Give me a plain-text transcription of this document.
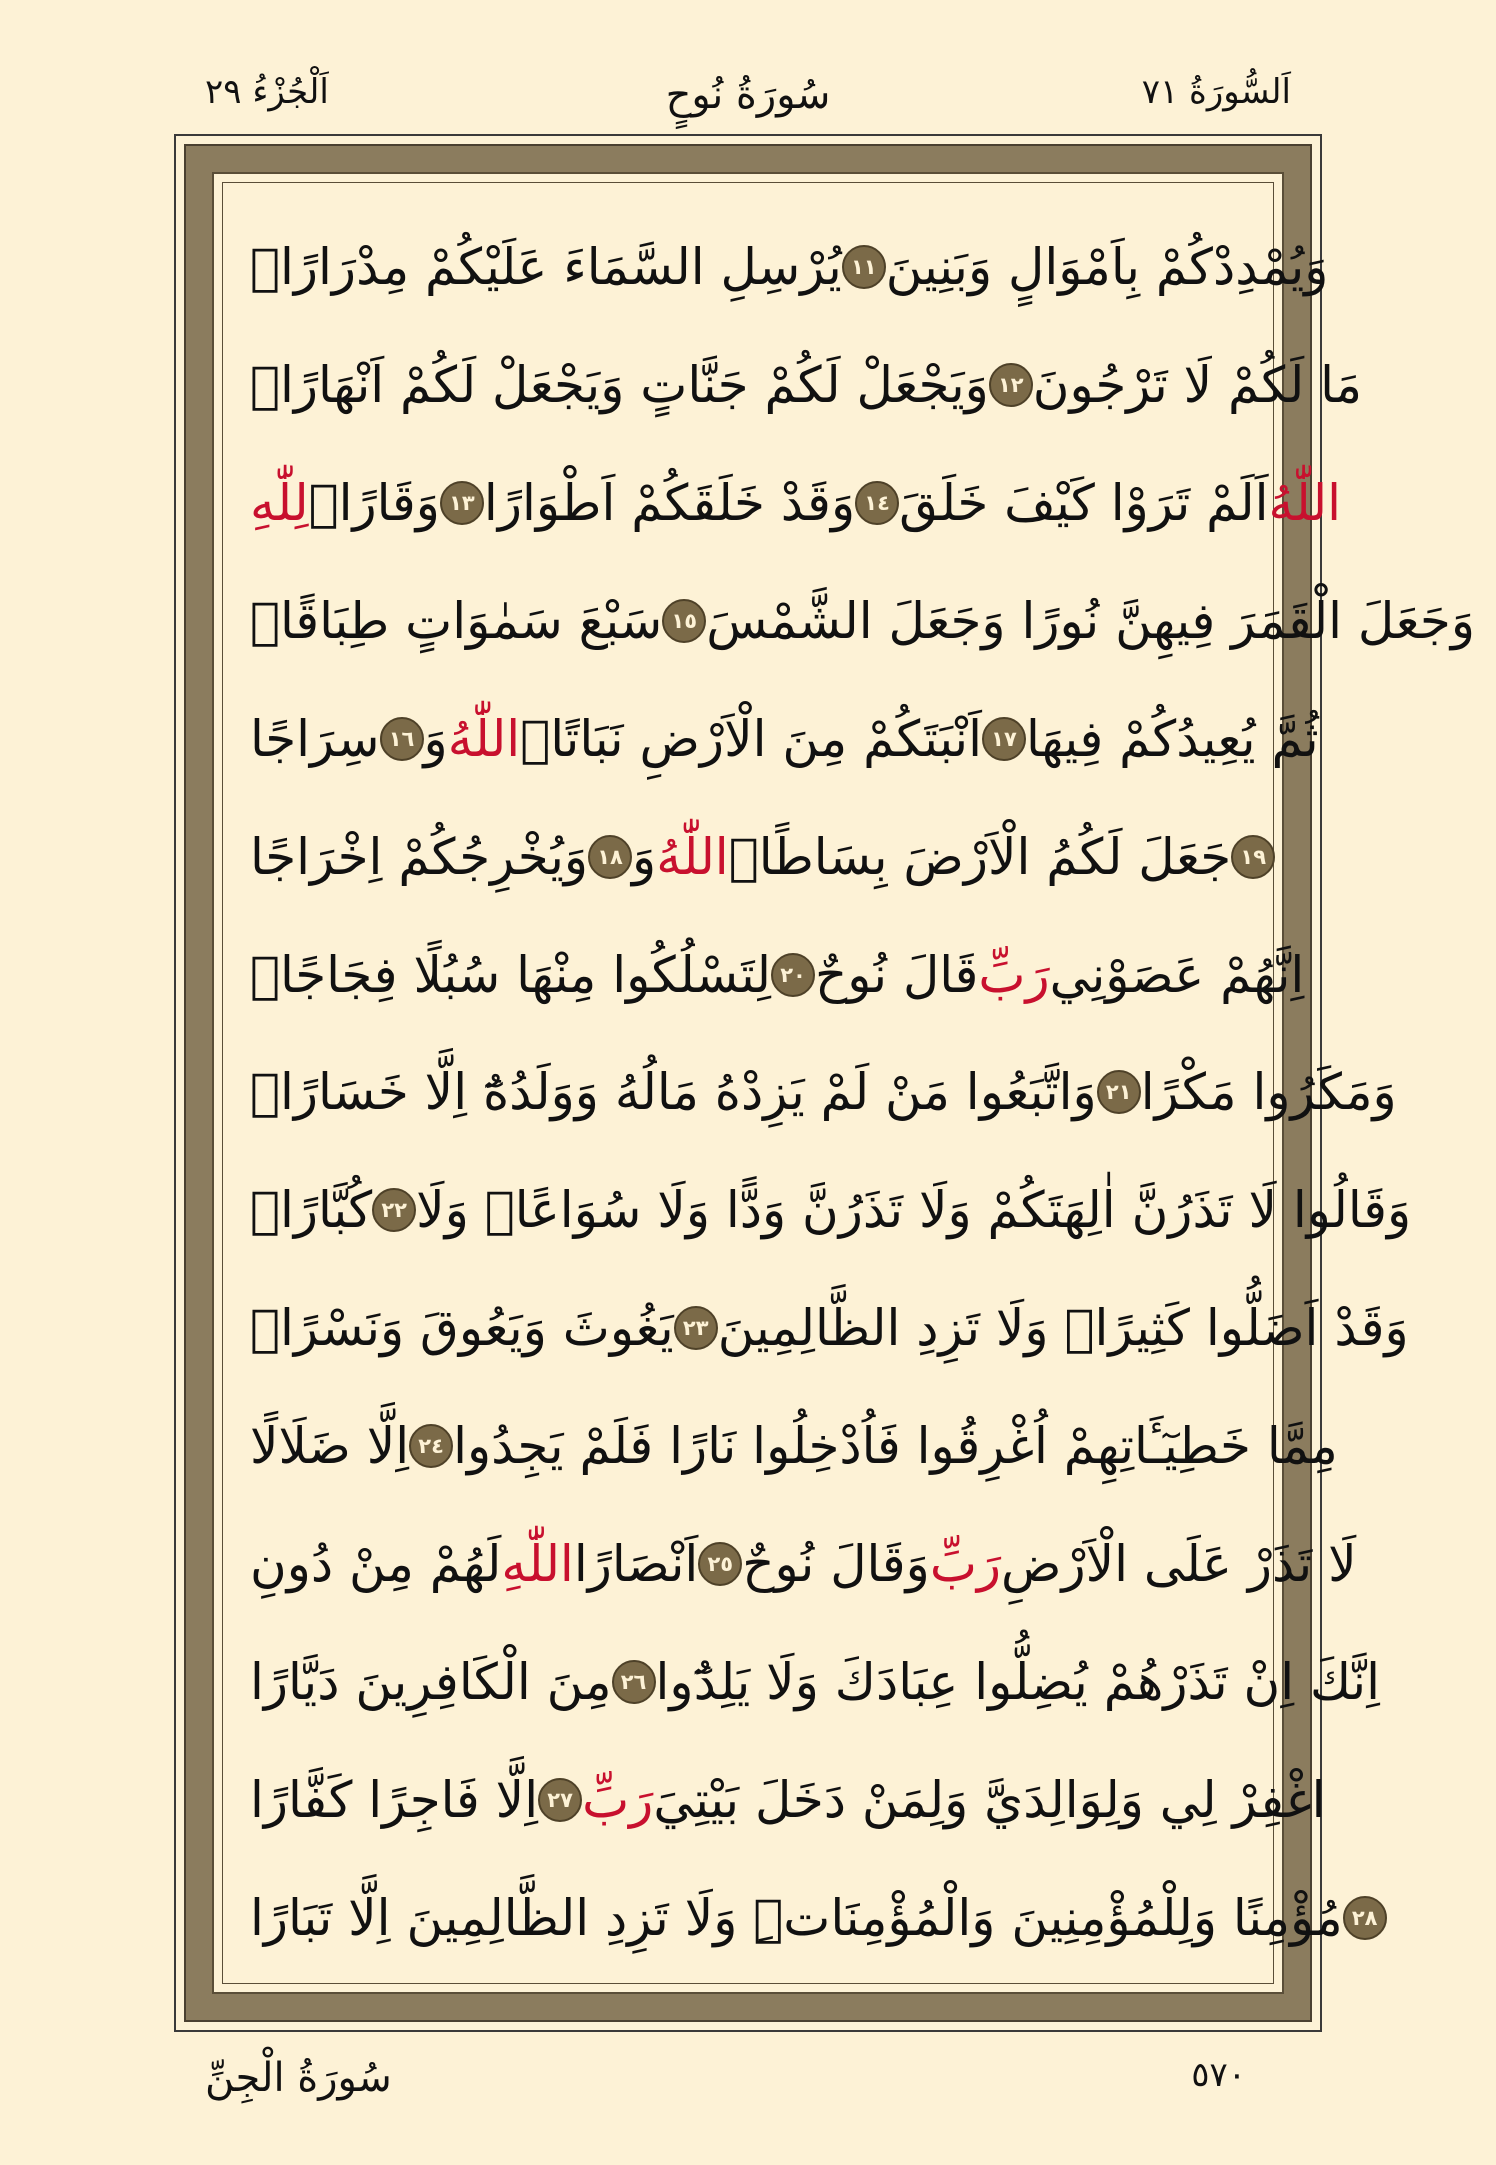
اَلْجُزْءُ ٢٩	سُورَةُ نُوحٍ	اَلسُّورَةُ ٧١
يُرْسِلِ السَّمَاءَ عَلَيْكُمْ مِدْرَارًاۙ ١١ وَيُمْدِدْكُمْ بِاَمْوَالٍ وَبَنِينَ
وَيَجْعَلْ لَكُمْ جَنَّاتٍ وَيَجْعَلْ لَكُمْ اَنْهَارًاۜ ١٢ مَا لَكُمْ لَا تَرْجُونَ
لِلّٰهِ وَقَارًاۚ ١٣ وَقَدْ خَلَقَكُمْ اَطْوَارًا ١٤ اَلَمْ تَرَوْا كَيْفَ خَلَقَ اللّٰهُ
سَبْعَ سَمٰوَاتٍ طِبَاقًاۙ ١٥ وَجَعَلَ الْقَمَرَ فِيهِنَّ نُورًا وَجَعَلَ الشَّمْسَ
سِرَاجًا ١٦ وَ اللّٰهُ اَنْبَتَكُمْ مِنَ الْاَرْضِ نَبَاتًاۙ ١٧ ثُمَّ يُعِيدُكُمْ فِيهَا
وَيُخْرِجُكُمْ اِخْرَاجًا ١٨ وَ اللّٰهُ جَعَلَ لَكُمُ الْاَرْضَ بِسَاطًاۙ ١٩
لِتَسْلُكُوا مِنْهَا سُبُلًا فِجَاجًاۚ ٢٠ قَالَ نُوحٌ رَبِّ اِنَّهُمْ عَصَوْنِي
وَاتَّبَعُوا مَنْ لَمْ يَزِدْهُ مَالُهُ وَوَلَدُهُٓ اِلَّا خَسَارًاۚ ٢١ وَمَكَرُوا مَكْرًا
كُبَّارًاۚ ٢٢ وَقَالُوا لَا تَذَرُنَّ اٰلِهَتَكُمْ وَلَا تَذَرُنَّ وَدًّا وَلَا سُوَاعًاۙ وَلَا
يَغُوثَ وَيَعُوقَ وَنَسْرًاۚ ٢٣ وَقَدْ اَضَلُّوا كَثِيرًاۚ وَلَا تَزِدِ الظَّالِمِينَ
اِلَّا ضَلَالًا ٢٤ مِمَّا خَطِيٓـَٔاتِهِمْ اُغْرِقُوا فَاُدْخِلُوا نَارًا فَلَمْ يَجِدُوا
لَهُمْ مِنْ دُونِ اللّٰهِ اَنْصَارًا ٢٥ وَقَالَ نُوحٌ رَبِّ لَا تَذَرْ عَلَى الْاَرْضِ
مِنَ الْكَافِرِينَ دَيَّارًا ٢٦ اِنَّكَ اِنْ تَذَرْهُمْ يُضِلُّوا عِبَادَكَ وَلَا يَلِدُٓوا
اِلَّا فَاجِرًا كَفَّارًا ٢٧ رَبِّ اغْفِرْ لِي وَلِوَالِدَيَّ وَلِمَنْ دَخَلَ بَيْتِيَ
مُؤْمِنًا وَلِلْمُؤْمِنِينَ وَالْمُؤْمِنَاتِۜ وَلَا تَزِدِ الظَّالِمِينَ اِلَّا تَبَارًا ٢٨
٥٧٠
سُورَةُ الْجِنِّ
